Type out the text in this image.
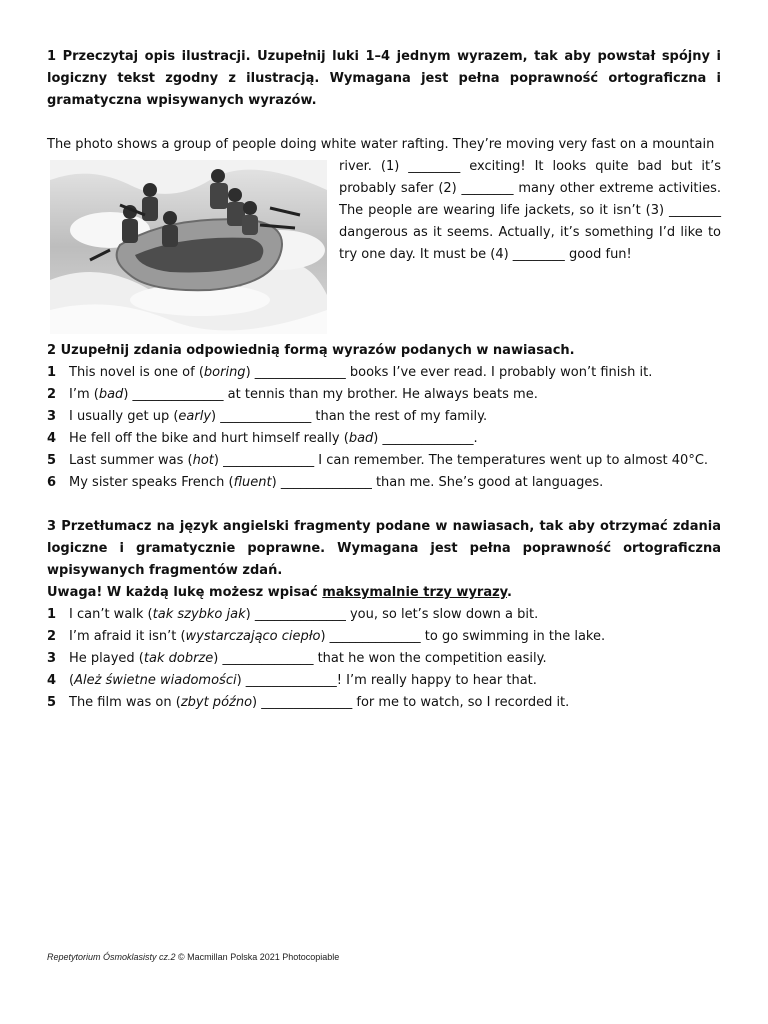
1 Przeczytaj opis ilustracji. Uzupełnij luki 1–4 jednym wyrazem, tak aby powstał spójny i logiczny tekst zgodny z ilustracją. Wymagana jest pełna poprawność ortograficzna i gramatyczna wpisywanych wyrazów.

The photo shows a group of people doing white water rafting. They’re moving very fast on a mountain
river. (1) ________ exciting! It looks quite bad but it’s probably safer (2) ________ many other extreme activities. The people are wearing life jackets, so it isn’t (3) ________ dangerous as it seems. Actually, it’s something I’d like to try one day. It must be (4) ________ good fun!

2 Uzupełnij zdania odpowiednią formą wyrazów podanych w nawiasach.

1 This novel is one of ( boring ) ______________ books I’ve ever read. I probably won’t finish it.
2 I’m ( bad ) ______________ at tennis than my brother. He always beats me.
3 I usually get up ( early ) ______________ than the rest of my family.
4 He fell off the bike and hurt himself really ( bad ) ______________.
5 Last summer was ( hot ) ______________ I can remember. The temperatures went up to almost 40°C.
6 My sister speaks French ( fluent ) ______________ than me. She’s good at languages.

3 Przetłumacz na język angielski fragmenty podane w nawiasach, tak aby otrzymać zdania logiczne i gramatycznie poprawne. Wymagana jest pełna poprawność ortograficzna wpisywanych fragmentów zdań.

Uwaga! W każdą lukę możesz wpisać maksymalnie trzy wyrazy.

1 I can’t walk ( tak szybko jak ) ______________ you, so let’s slow down a bit.
2 I’m afraid it isn’t ( wystarczająco ciepło ) ______________ to go swimming in the lake.
3 He played ( tak dobrze ) ______________ that he won the competition easily.
4 ( Ależ świetne wiadomości ) ______________! I’m really happy to hear that.
5 The film was on ( zbyt późno ) ______________ for me to watch, so I recorded it.
Repetytorium Ósmoklasisty cz.2 © Macmillan Polska 2021 Photocopiable
